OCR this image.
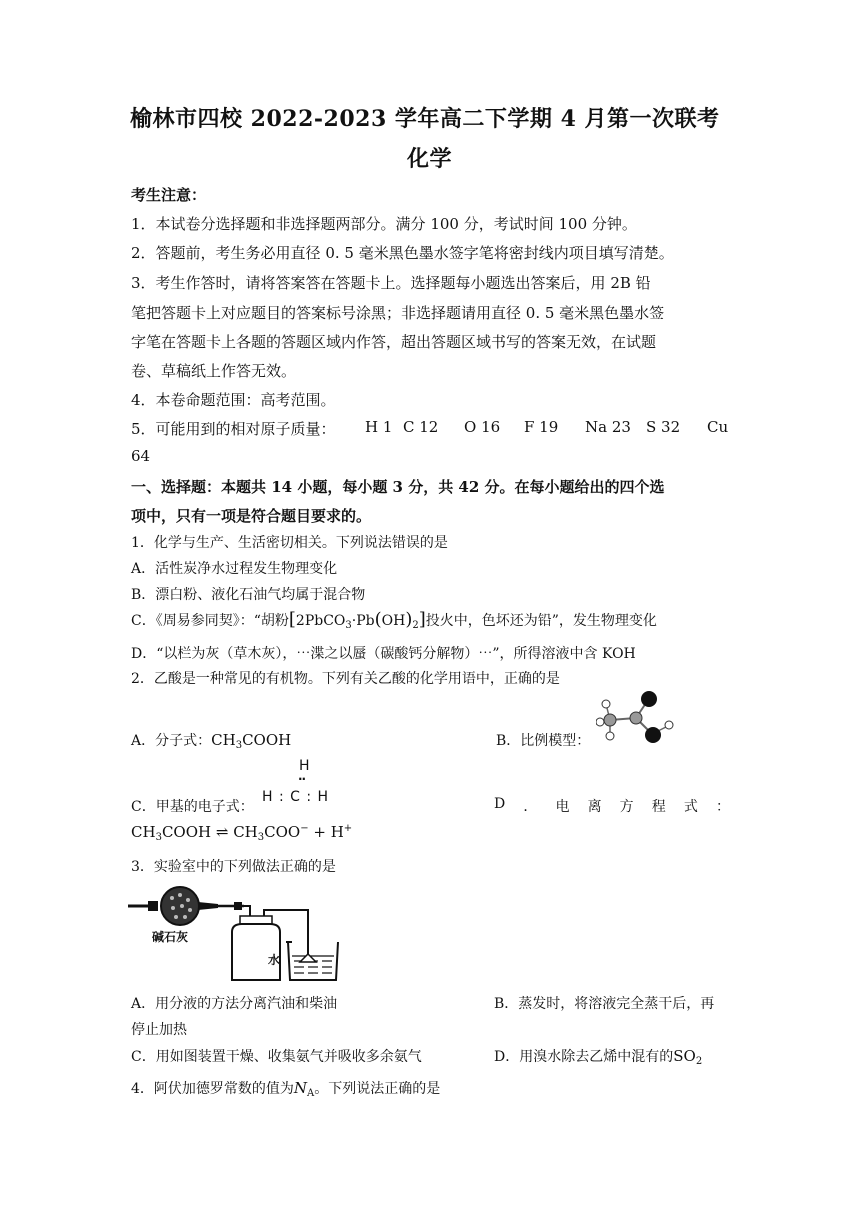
榆林市四校 2022-2023 学年高二下学期 4 月第一次联考
化学
考生注意：
1．本试卷分选择题和非选择题两部分。满分 100 分，考试时间 100 分钟。
2．答题前，考生务必用直径 0. 5 毫米黑色墨水签字笔将密封线内项目填写清楚。
3．考生作答时，请将答案答在答题卡上。选择题每小题选出答案后，用 2B 铅
笔把答题卡上对应题目的答案标号涂黑；非选择题请用直径 0. 5 毫米黑色墨水签
字笔在答题卡上各题的答题区域内作答，超出答题区域书写的答案无效，在试题
卷、草稿纸上作答无效。
4．本卷命题范围：高考范围。
5．可能用到的相对原子质量： H 1 C 12 O 16 F 19 Na 23 S 32 Cu
64
一、选择题：本题共 14 小题，每小题 3 分，共 42 分。在每小题给出的四个选
项中，只有一项是符合题目要求的。
1．化学与生产、生活密切相关。下列说法错误的是
A．活性炭净水过程发生物理变化
B．漂白粉、液化石油气均属于混合物
C．《周易参同契》：“胡粉$[2PbCO_3\cdot Pb(OH)_2]$投火中，色坏还为铅”，发生物理变化
D．“以栏为灰（草木灰），⋯渫之以蜃（碳酸钙分解物）⋯”，所得溶液中含 KOH
2．乙酸是一种常见的有机物。下列有关乙酸的化学用语中，正确的是
A．分子式：$CH_3COOH$	B．比例模型：
H
··
H : C : H
C．甲基的电子式：	D ． 电 离 方 程 式 ：
$CH_3COOH$ ⇌ $CH_3COO^- + H^+$
3．实验室中的下列做法正确的是
碱石灰
水
A．用分液的方法分离汽油和柴油	B．蒸发时，将溶液完全蒸干后，再
停止加热
C．用如图装置干燥、收集氨气并吸收多余氨气	D．用溴水除去乙烯中混有的$SO_2$
4．阿伏加德罗常数的值为$N_A$。下列说法正确的是
